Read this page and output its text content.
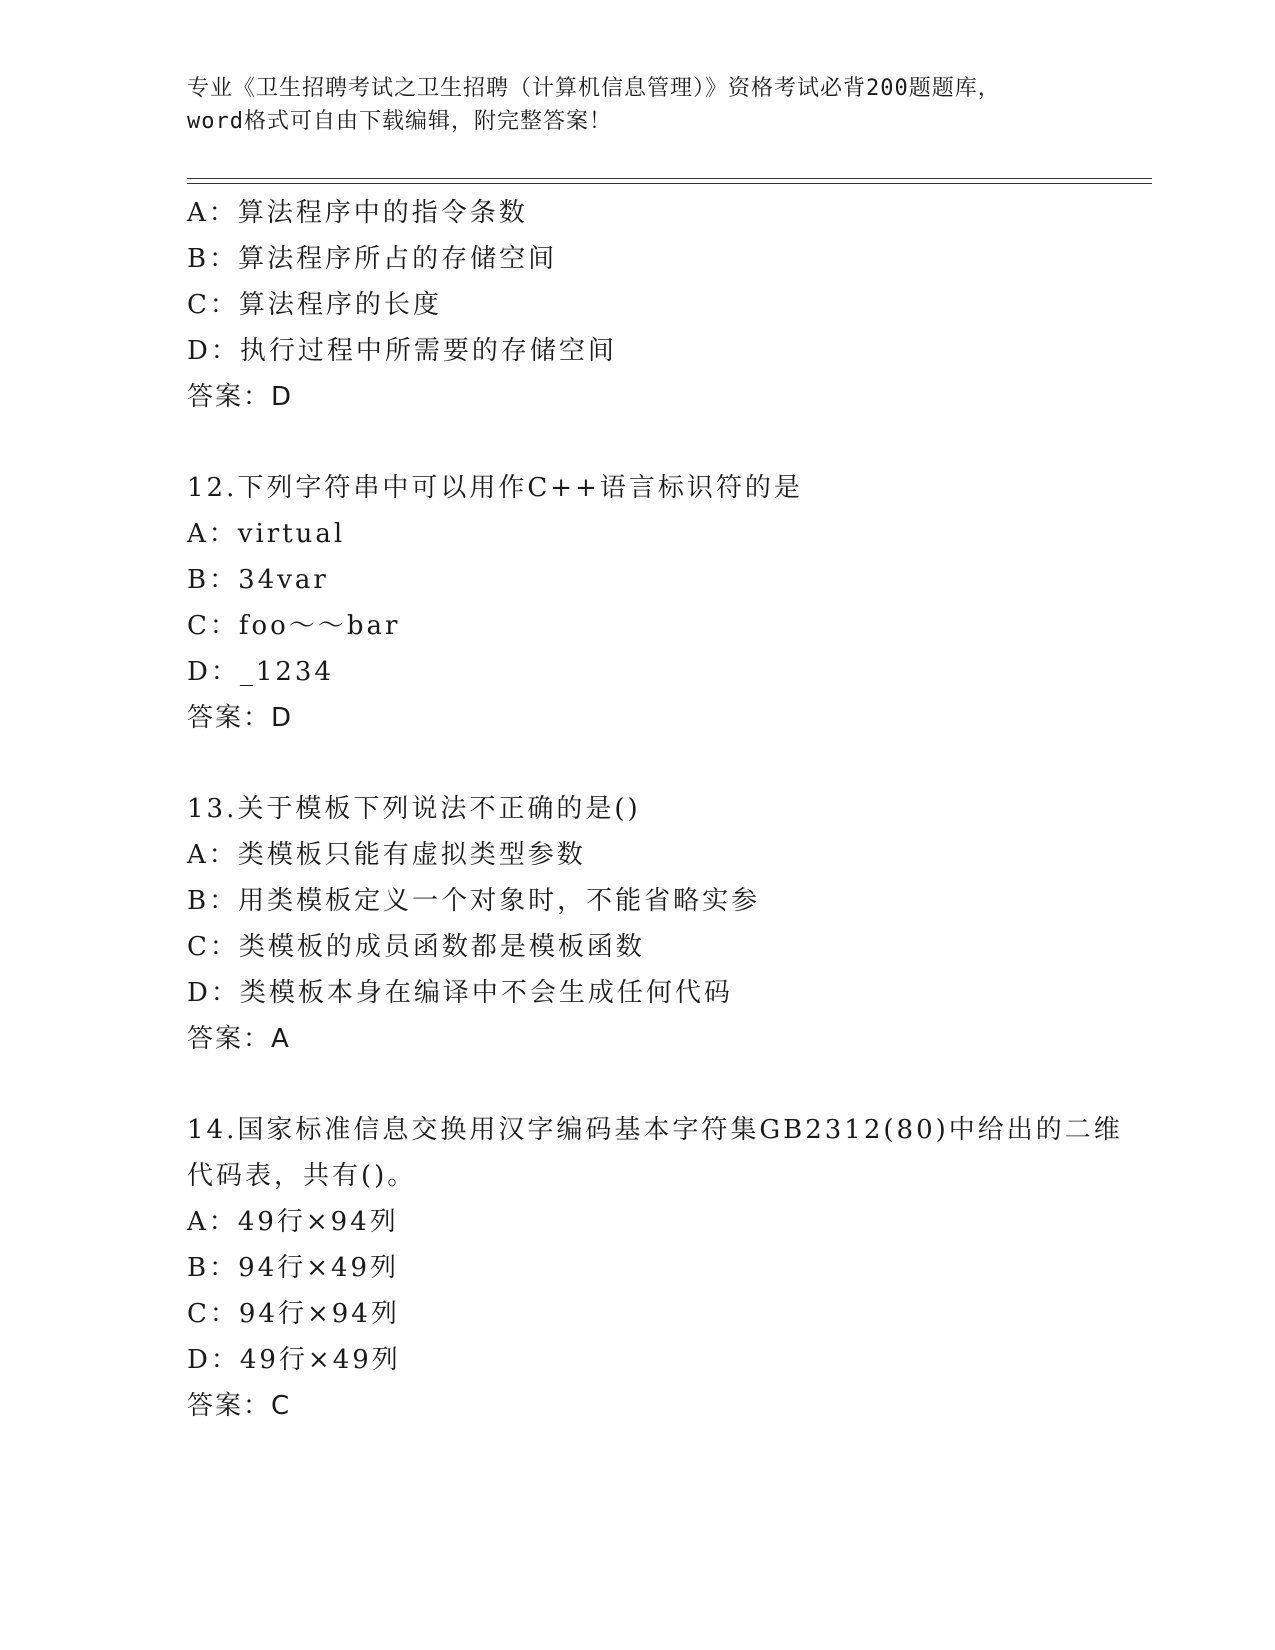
专业《卫生招聘考试之卫生招聘（计算机信息管理）》资格考试必背200题题库，
word格式可自由下载编辑，附完整答案！
A：算法程序中的指令条数
B：算法程序所占的存储空间
C：算法程序的长度
D：执行过程中所需要的存储空间
答案：D
12.下列字符串中可以用作C++语言标识符的是
A：virtual
B：34var
C：foo～～bar
D：_1234
答案：D
13.关于模板下列说法不正确的是()
A：类模板只能有虚拟类型参数
B：用类模板定义一个对象时，不能省略实参
C：类模板的成员函数都是模板函数
D：类模板本身在编译中不会生成任何代码
答案：A
14.国家标准信息交换用汉字编码基本字符集GB2312(80)中给出的二维
代码表，共有()。
A：49行×94列
B：94行×49列
C：94行×94列
D：49行×49列
答案：C
